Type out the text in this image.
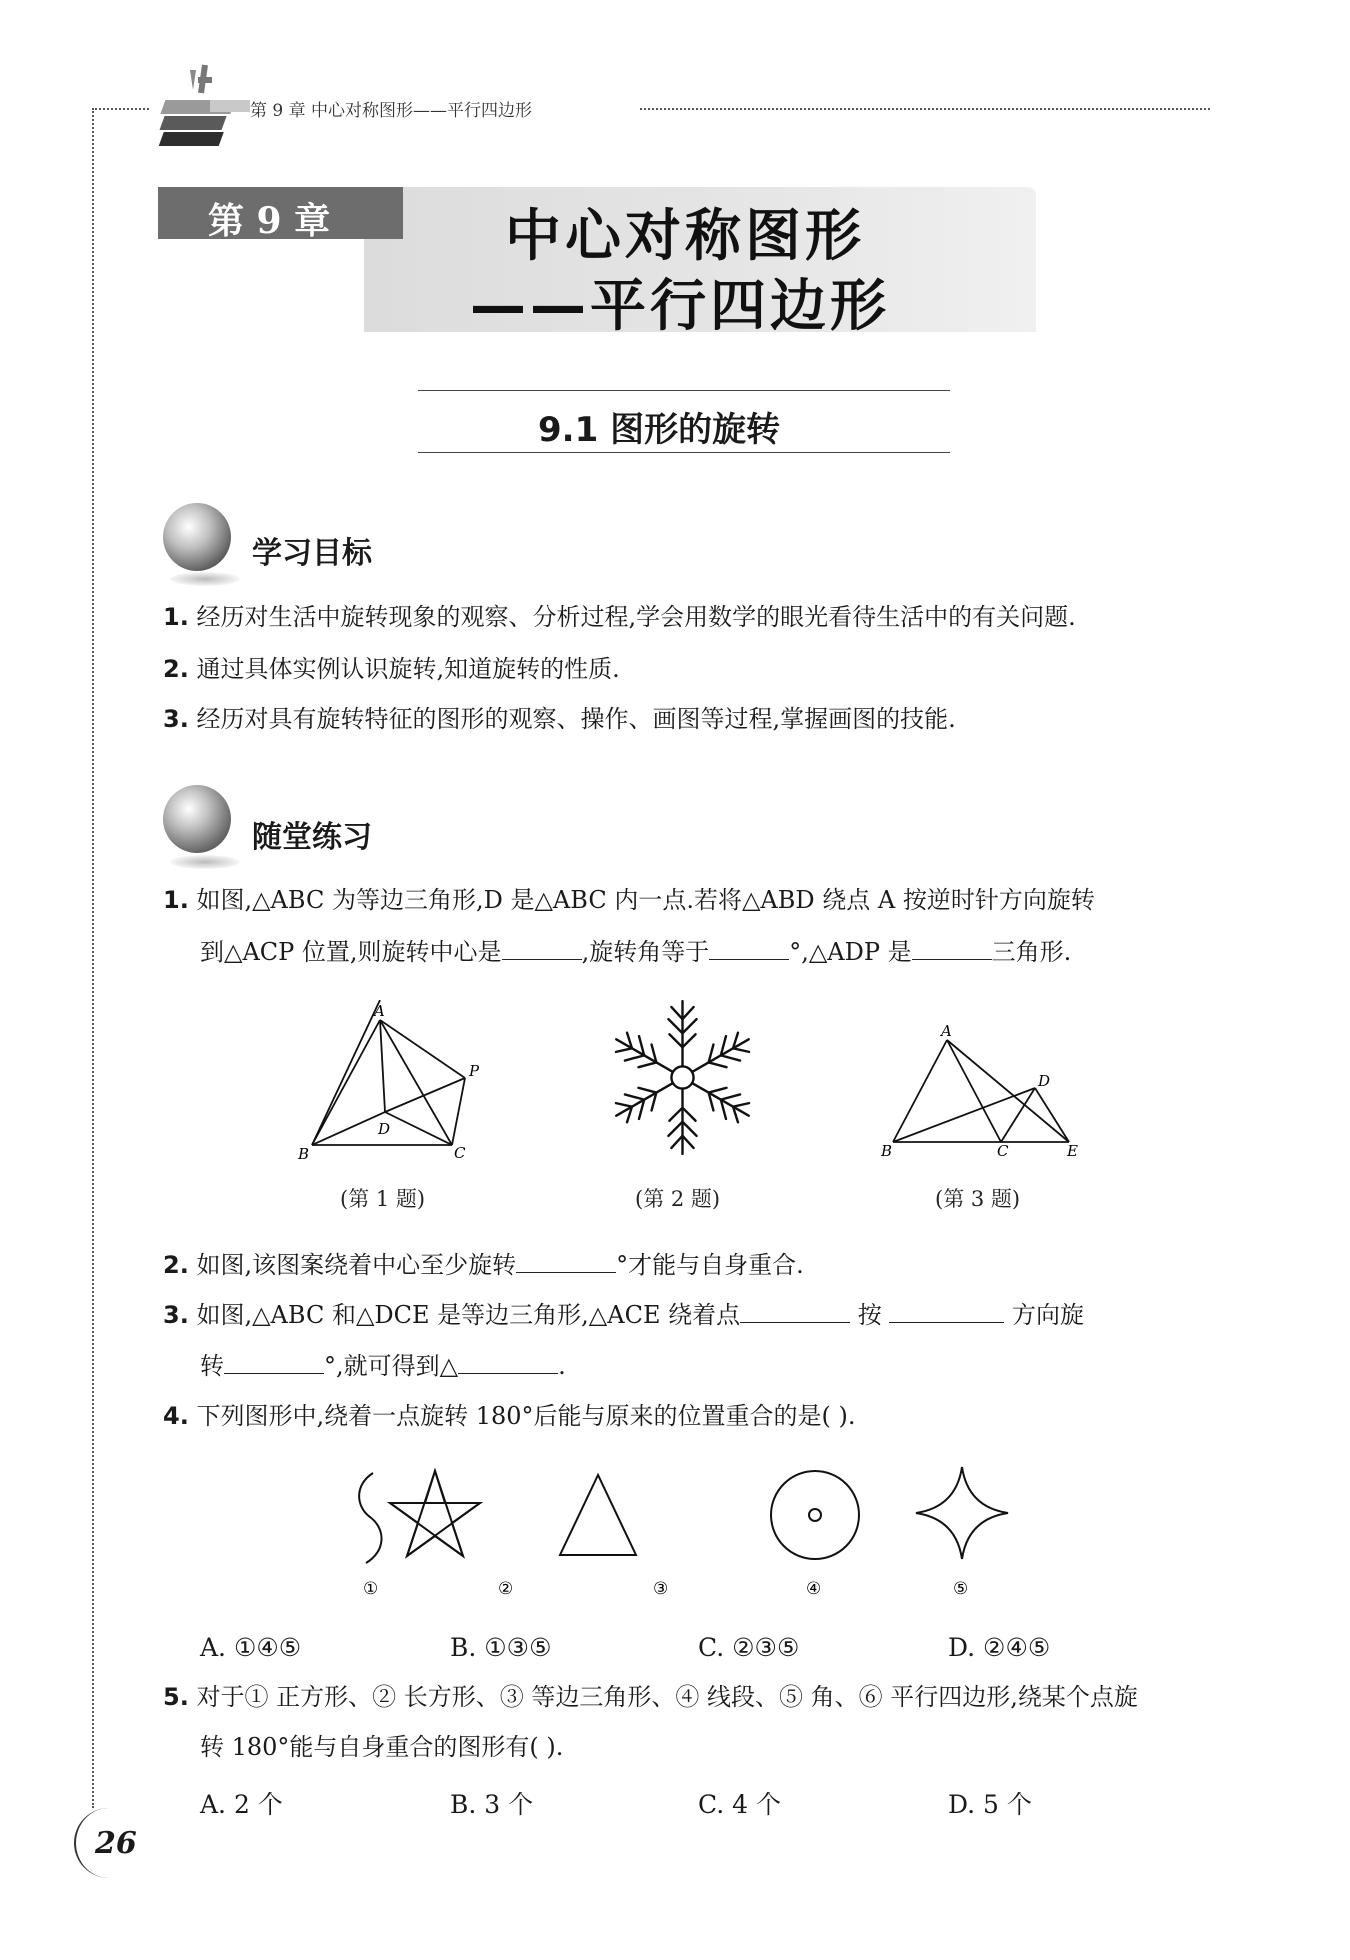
第 9 章 中心对称图形——平行四边形
第 9 章	中心对称图形
——平行四边形
9.1 图形的旋转
学习目标
1. 经历对生活中旋转现象的观察、分析过程,学会用数学的眼光看待生活中的有关问题.
2. 通过具体实例认识旋转,知道旋转的性质.
3. 经历对具有旋转特征的图形的观察、操作、画图等过程,掌握画图的技能.
随堂练习
1. 如图,△ABC 为等边三角形,D 是△ABC 内一点.若将△ABD 绕点 A 按逆时针方向旋转
到△ACP 位置,则旋转中心是	,旋转角等于	°,△ADP 是	三角形.
A
B	C
D
P
(第 1 题)	(第 2 题)
A
B	C
D
E
(第 3 题)
2. 如图,该图案绕着中心至少旋转	°才能与自身重合.
3. 如图,△ABC 和△DCE 是等边三角形,△ACE 绕着点	按	方向旋
转	°,就可得到△	.
4. 下列图形中,绕着一点旋转 180°后能与原来的位置重合的是( ).
①	②	③	④	⑤
A. ①④⑤	B. ①③⑤	C. ②③⑤	D. ②④⑤
5. 对于① 正方形、② 长方形、③ 等边三角形、④ 线段、⑤ 角、⑥ 平行四边形,绕某个点旋
转 180°能与自身重合的图形有( ).
A. 2 个	B. 3 个	C. 4 个	D. 5 个
26
